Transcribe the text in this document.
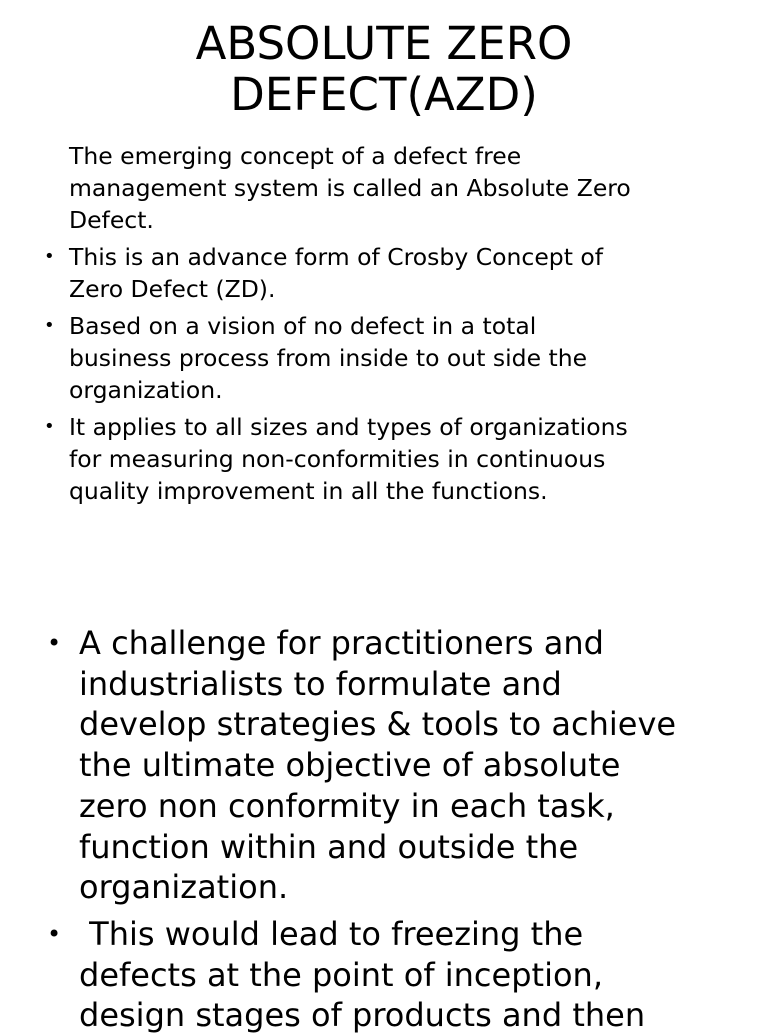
ABSOLUTE ZERO
DEFECT(AZD)
The emerging concept of a defect free
management system is called an Absolute Zero
Defect.
• This is an advance form of Crosby Concept of
Zero Defect (ZD).
• Based on a vision of no defect in a total
business process from inside to out side the
organization.
• It applies to all sizes and types of organizations
for measuring non-conformities in continuous
quality improvement in all the functions.
• A challenge for practitioners and
industrialists to formulate and
develop strategies & tools to achieve
the ultimate objective of absolute
zero non conformity in each task,
function within and outside the
organization.
• This would lead to freezing the
defects at the point of inception,
design stages of products and then
